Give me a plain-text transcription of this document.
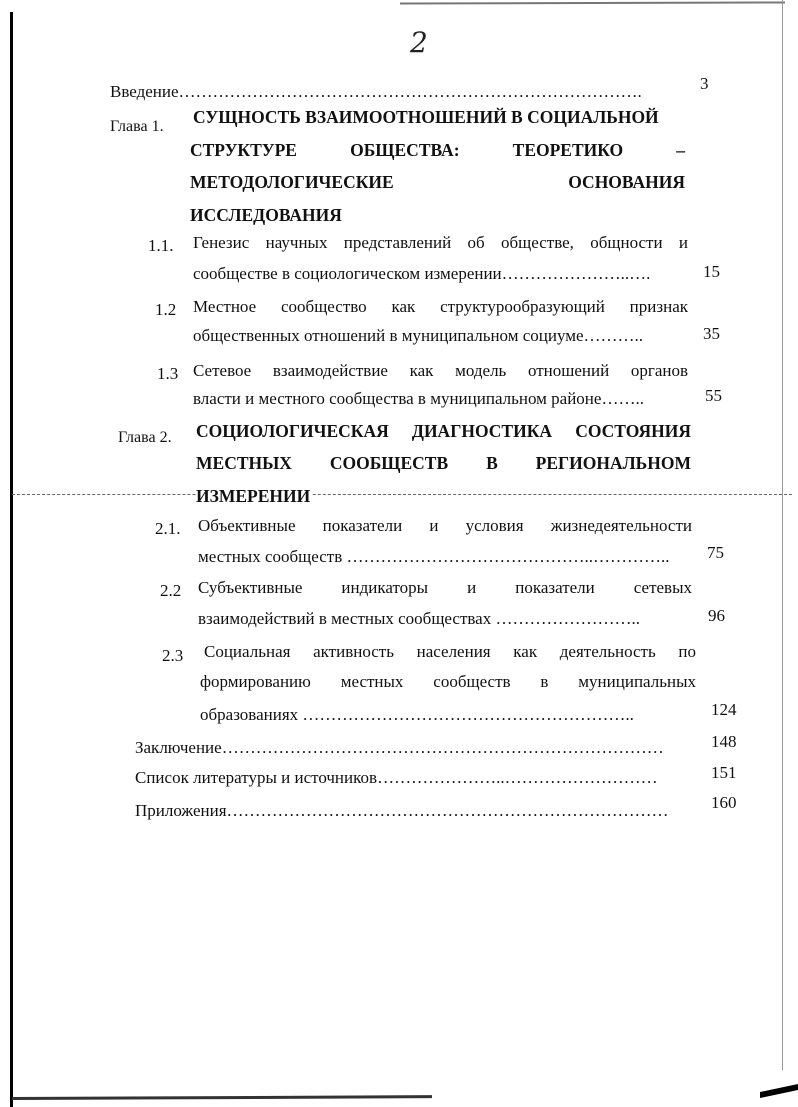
2
Введение……………………………………………………………………….	3
Глава 1. СУЩНОСТЬ ВЗАИМООТНОШЕНИЙ В СОЦИАЛЬНОЙ
СТРУКТУРЕ	ОБЩЕСТВА:	ТЕОРЕТИКО	–
МЕТОДОЛОГИЧЕСКИЕ	ОСНОВАНИЯ
ИССЛЕДОВАНИЯ
1.1. Генезис научных представлений об обществе, общности и
сообществе в социологическом измерении…………………..….	15
1.2 Местное сообщество как структурообразующий признак
общественных отношений в муниципальном социуме………..	35
1.3 Сетевое взаимодействие как модель отношений органов
власти и местного сообщества в муниципальном районе……..	55
Глава 2. СОЦИОЛОГИЧЕСКАЯ ДИАГНОСТИКА СОСТОЯНИЯ
МЕСТНЫХ СООБЩЕСТВ В РЕГИОНАЛЬНОМ
ИЗМЕРЕНИИ
2.1. Объективные показатели и условия жизнедеятельности
местных сообществ ……………………………………..………….. 75
2.2 Субъективные индикаторы и показатели сетевых
взаимодействий в местных сообществах ……………………..	96
2.3 Социальная активность населения как деятельность по
формированию местных сообществ в муниципальных
образованиях …………………………………………………..	124
Заключение……………………………………………………………………	148
Список литературы и источников…………………..………………………	151
Приложения…………………………………………………………………… 160
